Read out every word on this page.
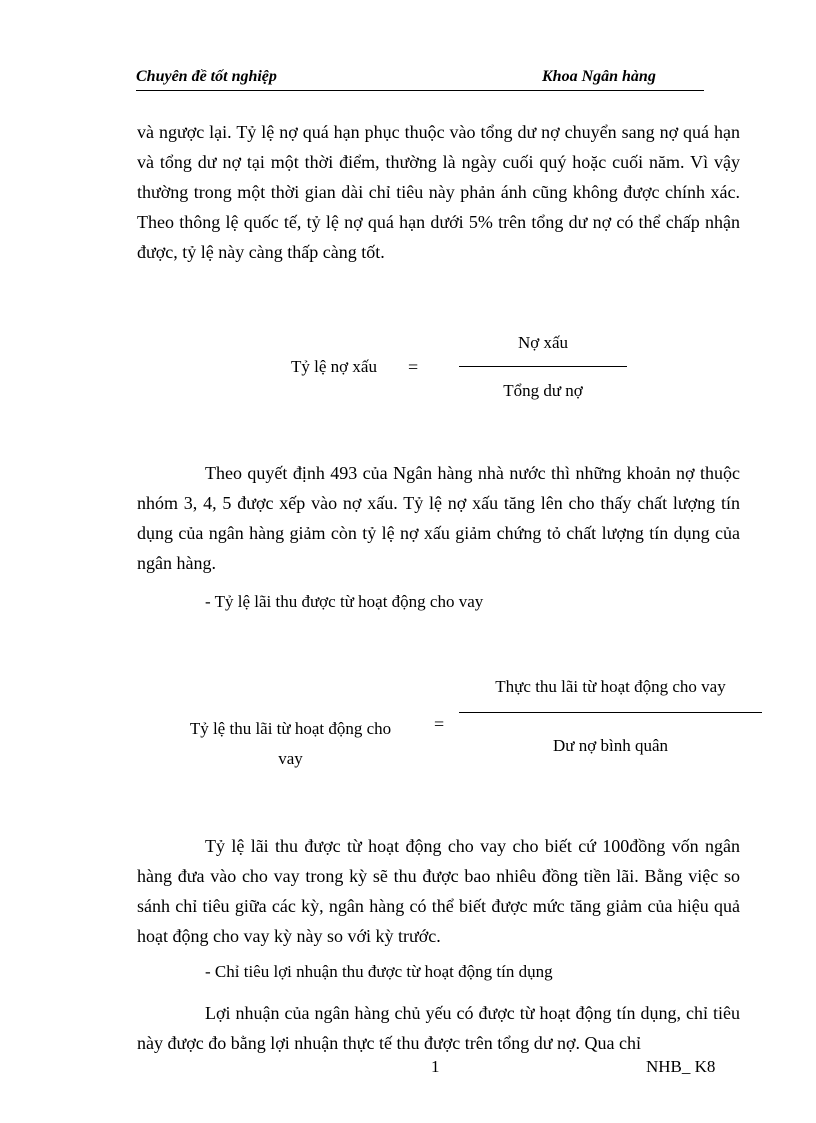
Chuyên đề tốt nghiệp	Khoa Ngân hàng

và ngược lại. Tỷ lệ nợ quá hạn phục thuộc vào tổng dư nợ chuyển sang nợ quá hạn và tổng dư nợ tại một thời điểm, thường là ngày cuối quý hoặc cuối năm. Vì vậy thường trong một thời gian dài chỉ tiêu này phản ánh cũng không được chính xác. Theo thông lệ quốc tế, tỷ lệ nợ quá hạn dưới 5% trên tổng dư nợ có thể chấp nhận được, tỷ lệ này càng thấp càng tốt.

Tỷ lệ nợ xấu =
Nợ xấu
Tổng dư nợ

Theo quyết định 493 của Ngân hàng nhà nước thì những khoản nợ thuộc nhóm 3, 4, 5 được xếp vào nợ xấu. Tỷ lệ nợ xấu tăng lên cho thấy chất lượng tín dụng của ngân hàng giảm còn tỷ lệ nợ xấu giảm chứng tỏ chất lượng tín dụng của ngân hàng.

- Tỷ lệ lãi thu được từ hoạt động cho vay
Tỷ lệ thu lãi từ hoạt động cho
vay
=
Thực thu lãi từ hoạt động cho vay
Dư nợ bình quân

Tỷ lệ lãi thu được từ hoạt động cho vay cho biết cứ 100đồng vốn ngân hàng đưa vào cho vay trong kỳ sẽ thu được bao nhiêu đồng tiền lãi. Bằng việc so sánh chỉ tiêu giữa các kỳ, ngân hàng có thể biết được mức tăng giảm của hiệu quả hoạt động cho vay kỳ này so với kỳ trước.

- Chỉ tiêu lợi nhuận thu được từ hoạt động tín dụng

Lợi nhuận của ngân hàng chủ yếu có được từ hoạt động tín dụng, chỉ tiêu này được đo bằng lợi nhuận thực tế thu được trên tổng dư nợ. Qua chỉ

1	NHB_ K8
